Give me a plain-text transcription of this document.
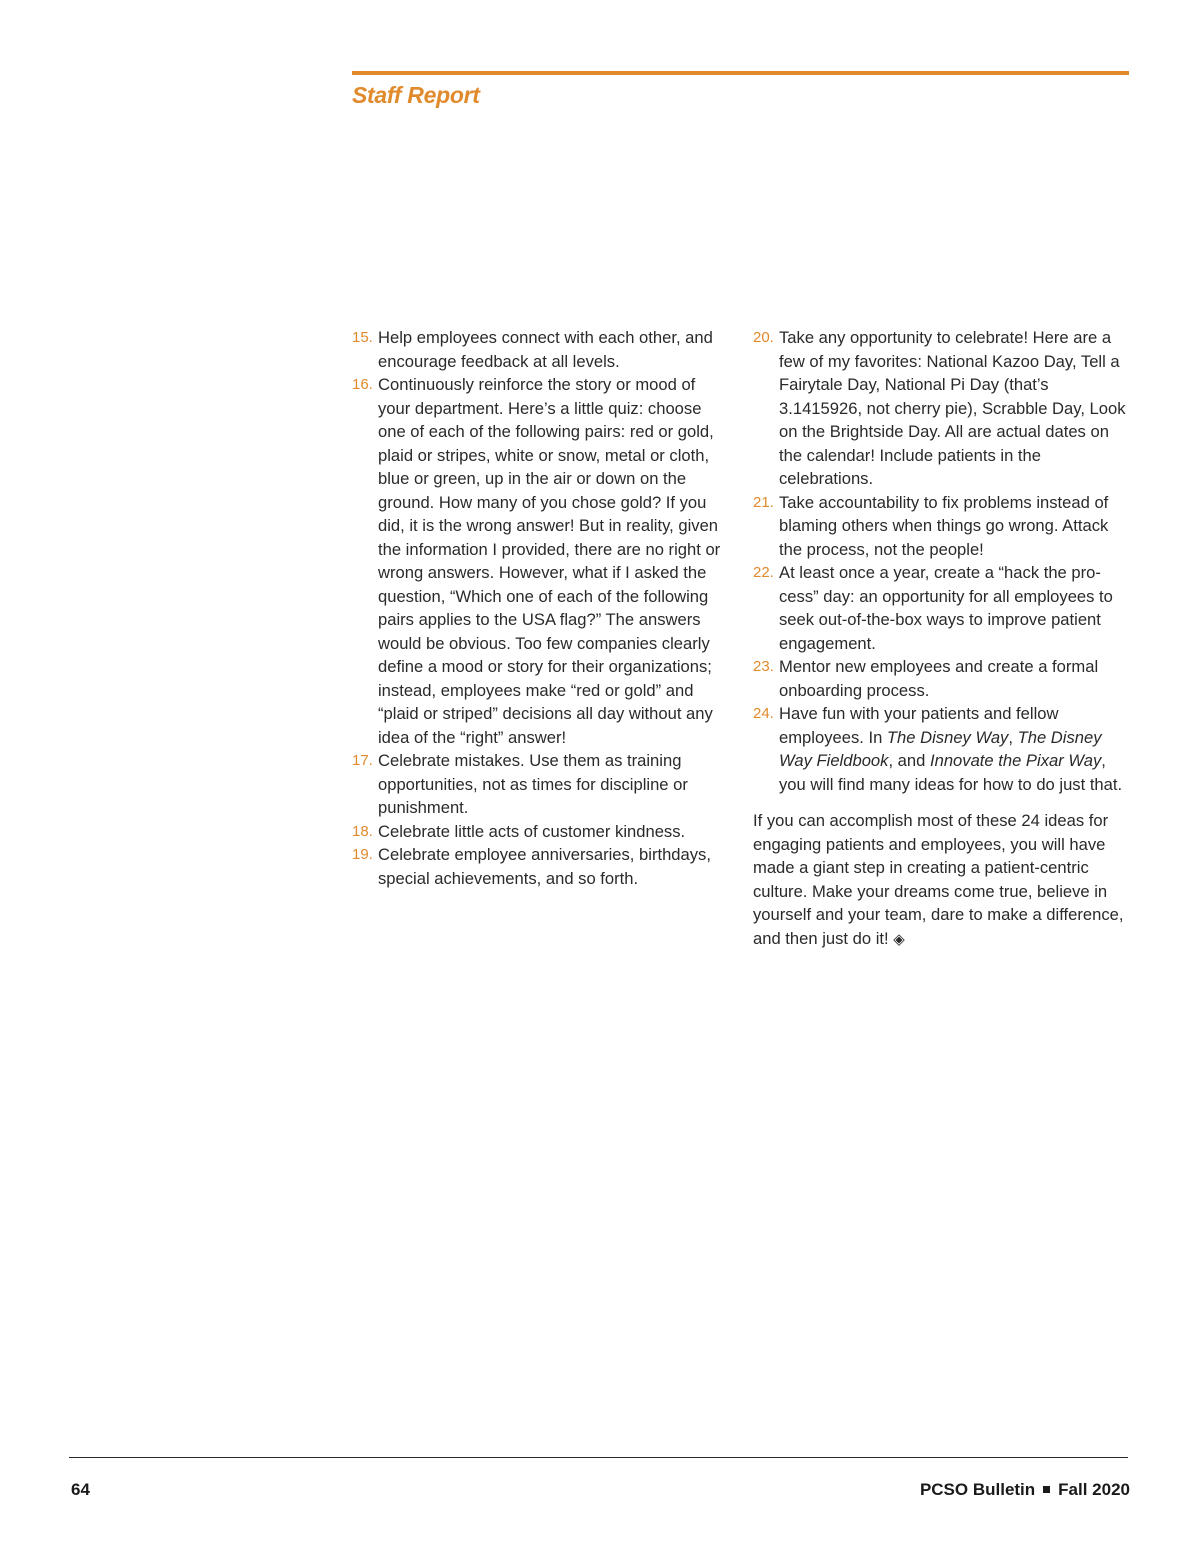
Staff Report
15. Help employees connect with each other, and encourage feedback at all levels.
16. Continuously reinforce the story or mood of your department. Here’s a little quiz: choose one of each of the following pairs: red or gold, plaid or stripes, white or snow, metal or cloth, blue or green, up in the air or down on the ground. How many of you chose gold? If you did, it is the wrong answer! But in reality, given the information I provided, there are no right or wrong answers. However, what if I asked the question, “Which one of each of the following pairs applies to the USA flag?” The answers would be obvious. Too few companies clearly define a mood or story for their organizations; instead, employees make “red or gold” and “plaid or striped” decisions all day without any idea of the “right” answer!
17. Celebrate mistakes. Use them as training opportunities, not as times for discipline or punishment.
18. Celebrate little acts of customer kindness.
19. Celebrate employee anniversaries, birthdays, special achievements, and so forth.
20. Take any opportunity to celebrate! Here are a few of my favorites: National Kazoo Day, Tell a Fairytale Day, National Pi Day (that’s 3.1415926, not cherry pie), Scrabble Day, Look on the Brightside Day. All are actual dates on the calendar! Include patients in the celebrations.
21. Take accountability to fix problems instead of blaming others when things go wrong. Attack the process, not the people!
22. At least once a year, create a “hack the process” day: an opportunity for all employees to seek out-of-the-box ways to improve patient engagement.
23. Mentor new employees and create a formal onboarding process.
24. Have fun with your patients and fellow employees. In The Disney Way, The Disney Way Fieldbook, and Innovate the Pixar Way, you will find many ideas for how to do just that.

If you can accomplish most of these 24 ideas for engaging patients and employees, you will have made a giant step in creating a patient-centric culture. Make your dreams come true, believe in yourself and your team, dare to make a difference, and then just do it! ◈

64	PCSO Bulletin Fall 2020
